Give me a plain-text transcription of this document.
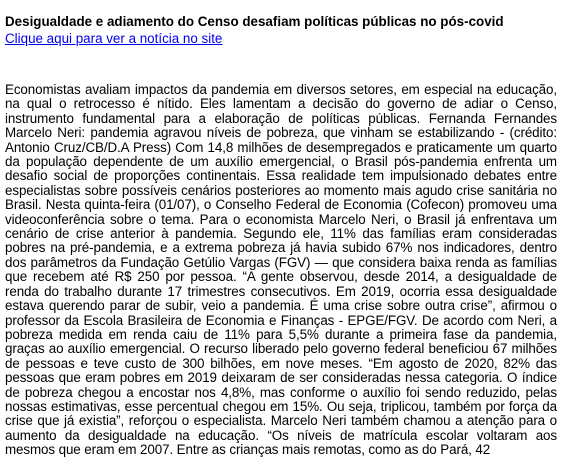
Desigualdade e adiamento do Censo desafiam políticas públicas no pós-covid
Clique aqui para ver a notícia no site

Economistas avaliam impactos da pandemia em diversos setores, em especial na educação, na qual o retrocesso é nítido. Eles lamentam a decisão do governo de adiar o Censo, instrumento fundamental para a elaboração de políticas públicas. Fernanda Fernandes Marcelo Neri: pandemia agravou níveis de pobreza, que vinham se estabilizando - (crédito: Antonio Cruz/CB/D.A Press) Com 14,8 milhões de desempregados e praticamente um quarto da população dependente de um auxílio emergencial, o Brasil pós-pandemia enfrenta um desafio social de proporções continentais. Essa realidade tem impulsionado debates entre especialistas sobre possíveis cenários posteriores ao momento mais agudo crise sanitária no Brasil. Nesta quinta-feira (01/07), o Conselho Federal de Economia (Cofecon) promoveu uma videoconferência sobre o tema. Para o economista Marcelo Neri, o Brasil já enfrentava um cenário de crise anterior à pandemia. Segundo ele, 11% das famílias eram consideradas pobres na pré-pandemia, e a extrema pobreza já havia subido 67% nos indicadores, dentro dos parâmetros da Fundação Getúlio Vargas (FGV) — que considera baixa renda as famílias que recebem até R$ 250 por pessoa. “A gente observou, desde 2014, a desigualdade de renda do trabalho durante 17 trimestres consecutivos. Em 2019, ocorria essa desigualdade estava querendo parar de subir, veio a pandemia. É uma crise sobre outra crise”, afirmou o professor da Escola Brasileira de Economia e Finanças - EPGE/FGV. De acordo com Neri, a pobreza medida em renda caiu de 11% para 5,5% durante a primeira fase da pandemia, graças ao auxílio emergencial. O recurso liberado pelo governo federal beneficiou 67 milhões de pessoas e teve custo de 300 bilhões, em nove meses. “Em agosto de 2020, 82% das pessoas que eram pobres em 2019 deixaram de ser consideradas nessa categoria. O índice de pobreza chegou a encostar nos 4,8%, mas conforme o auxílio foi sendo reduzido, pelas nossas estimativas, esse percentual chegou em 15%. Ou seja, triplicou, também por força da crise que já existia”, reforçou o especialista. Marcelo Neri também chamou a atenção para o aumento da desigualdade na educação. “Os níveis de matrícula escolar voltaram aos mesmos que eram em 2007. Entre as crianças mais remotas, como as do Pará, 42
